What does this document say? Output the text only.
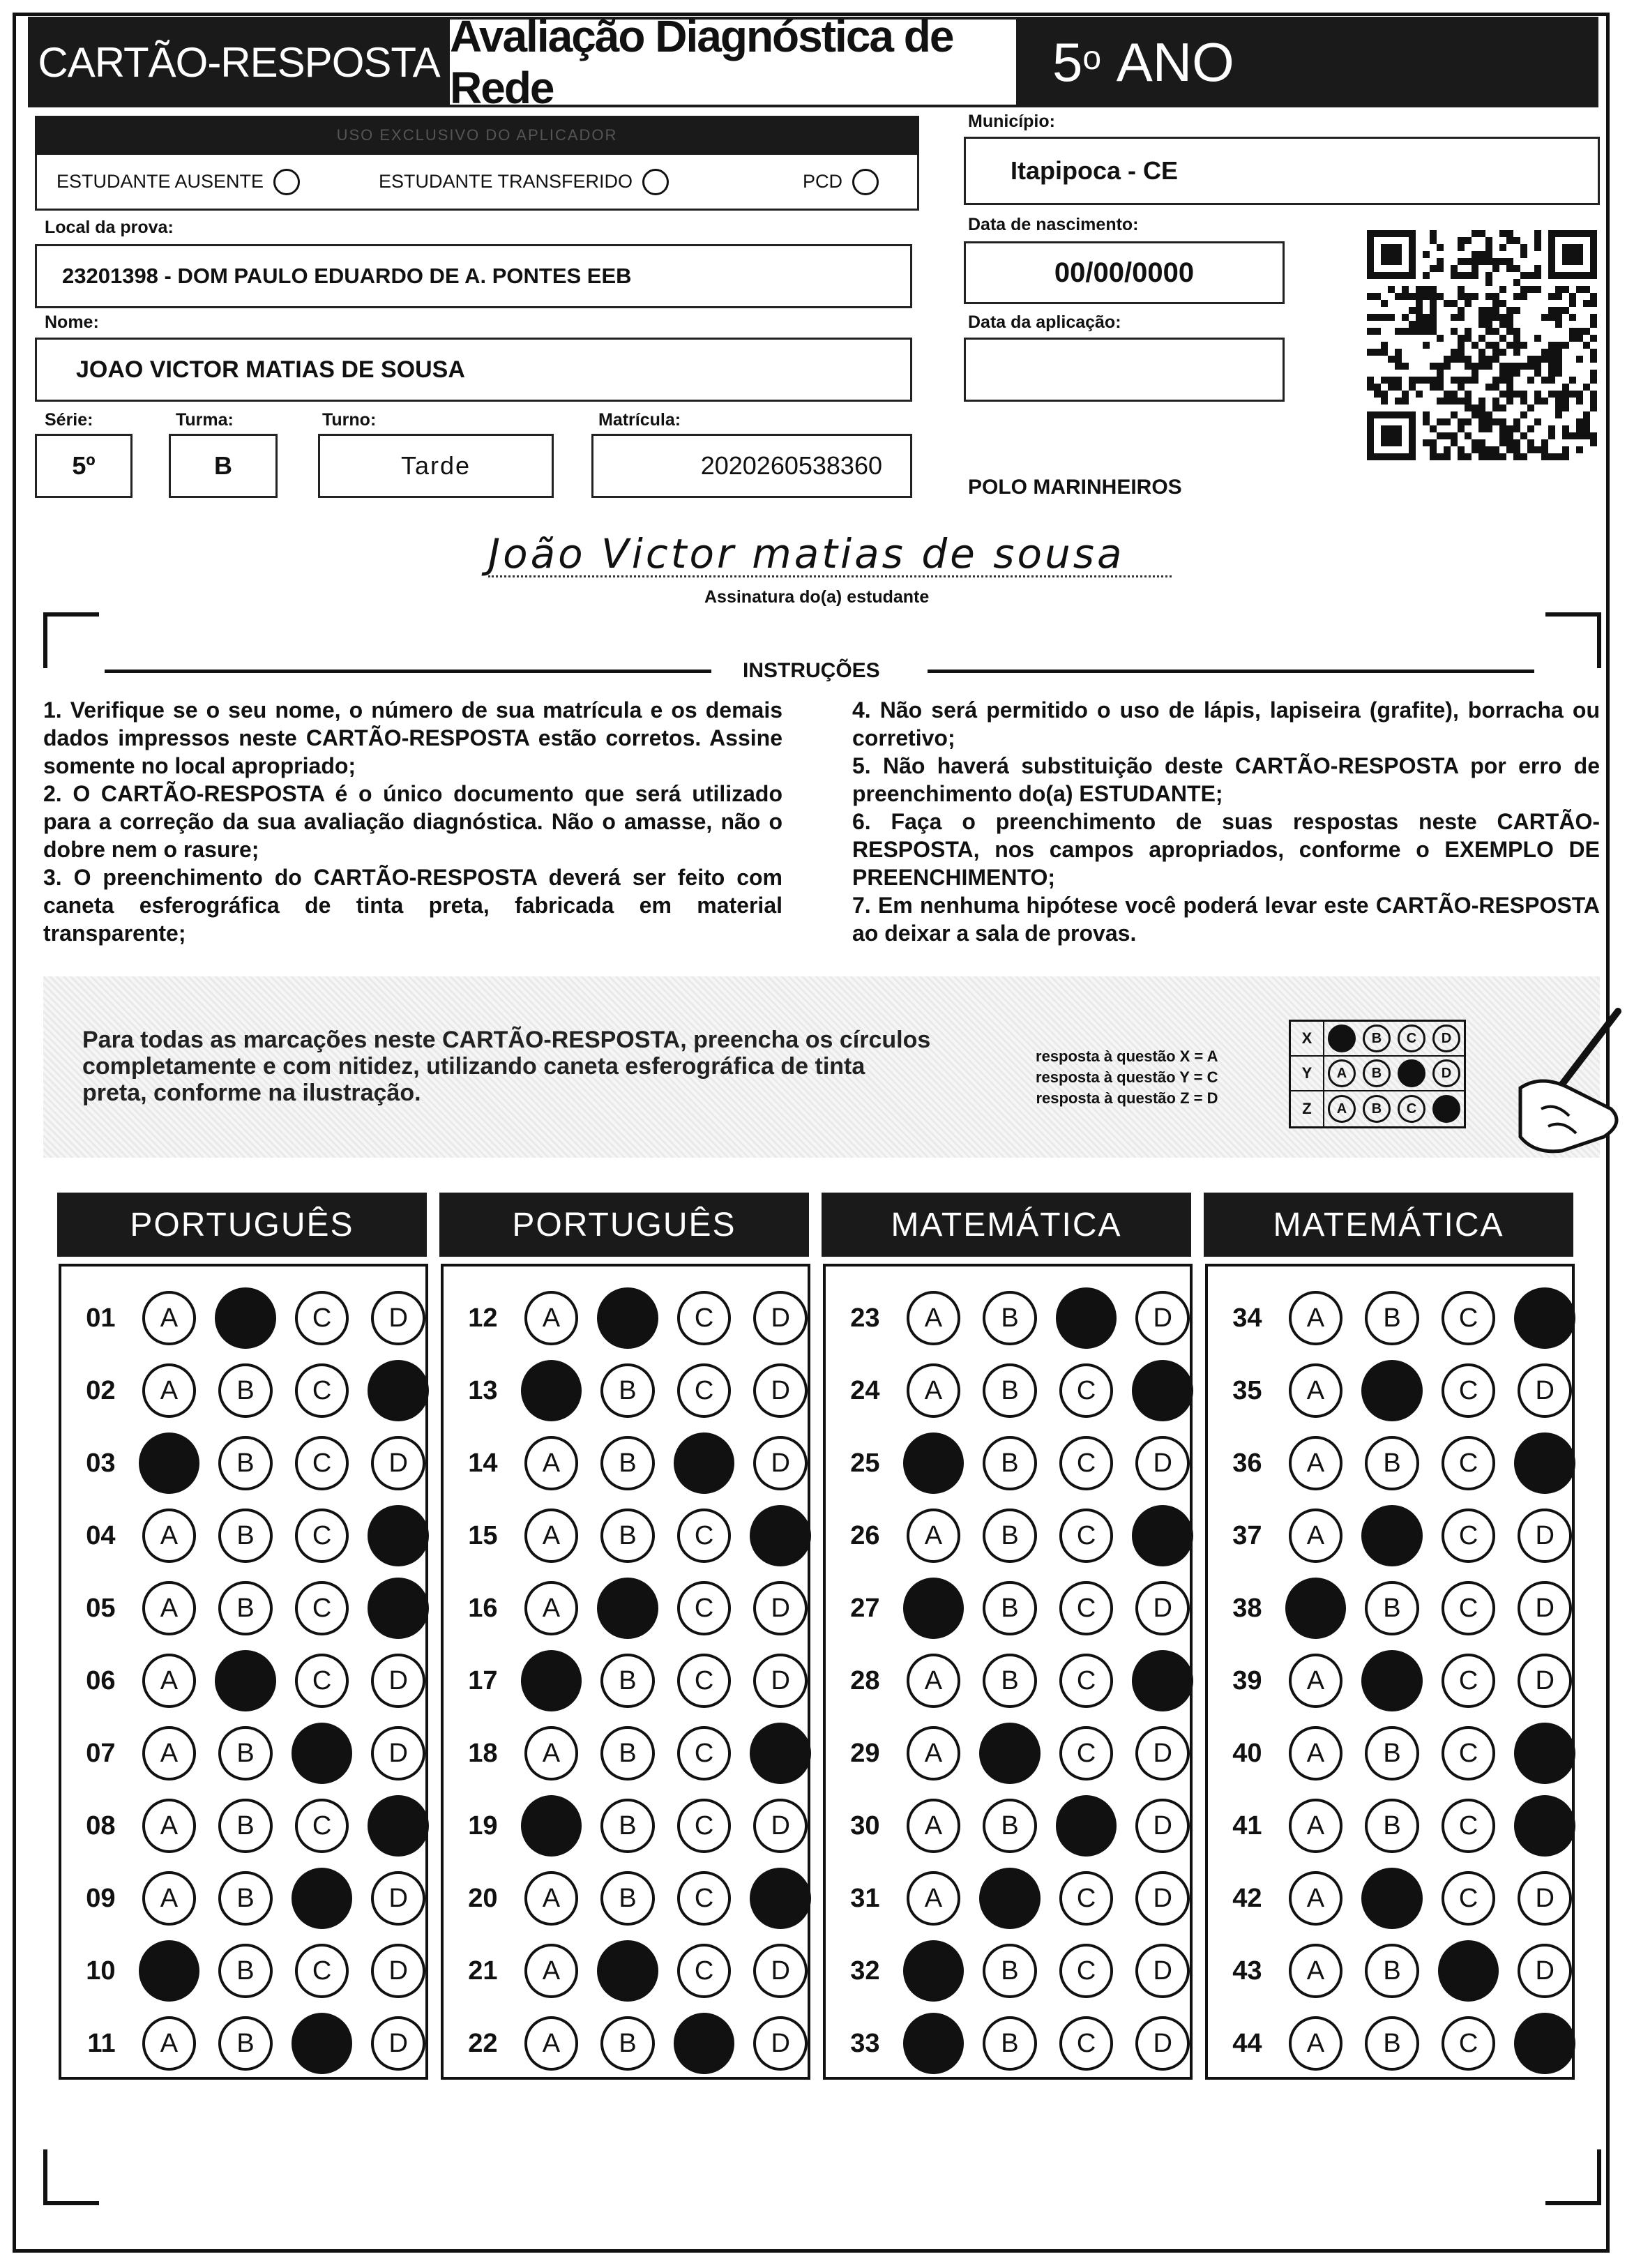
CARTÃO-RESPOSTA
Avaliação Diagnóstica de Rede	5$^o$
ANO
USO EXCLUSIVO DO APLICADOR
ESTUDANTE AUSENTE	ESTUDANTE TRANSFERIDO	PCD
Local da prova:
23201398 - DOM PAULO EDUARDO DE A. PONTES EEB
Nome:
JOAO VICTOR MATIAS DE SOUSA
Série:
5º
Turma:
B
Turno:
Tarde
Matrícula:
2020260538360
Município:
Itapipoca - CE
Data de nascimento:
00/00/0000
Data da aplicação:
POLO MARINHEIROS
João Victor matias de sousa
Assinatura do(a) estudante
INSTRUÇÕES

1. Verifique se o seu nome, o número de sua matrícula e os demais dados impressos neste CARTÃO-RESPOSTA estão corretos. Assine somente no local apropriado;

2. O CARTÃO-RESPOSTA é o único documento que será utilizado para a correção da sua avaliação diagnóstica. Não o amasse, não o dobre nem o rasure;

3. O preenchimento do CARTÃO-RESPOSTA deverá ser feito com caneta esferográfica de tinta preta, fabricada em material transparente;

4. Não será permitido o uso de lápis, lapiseira (grafite), borracha ou corretivo;

5. Não haverá substituição deste CARTÃO-RESPOSTA por erro de preenchimento do(a) ESTUDANTE;

6. Faça o preenchimento de suas respostas neste CARTÃO-RESPOSTA, nos campos apropriados, conforme o EXEMPLO DE PREENCHIMENTO;

7. Em nenhuma hipótese você poderá levar este CARTÃO-RESPOSTA ao deixar a sala de provas.

Para todas as marcações neste CARTÃO-RESPOSTA, preencha os círculos completamente e com nitidez, utilizando caneta esferográfica de tinta preta, conforme na ilustração.
resposta à questão X = A
resposta à questão Y = C
resposta à questão Z = D
X	A	B	C	D
Y	A	B	C	D
Z	A	B	C	D
PORTUGUÊS
01	A	B	C	D
02	A	B	C	D
03	A	B	C	D
04	A	B	C	D
05	A	B	C	D
06	A	B	C	D
07	A	B	C	D
08	A	B	C	D
09	A	B	C	D
10	A	B	C	D
11	A	B	C	D
PORTUGUÊS
12	A	B	C	D
13	A	B	C	D
14	A	B	C	D
15	A	B	C	D
16	A	B	C	D
17	A	B	C	D
18	A	B	C	D
19	A	B	C	D
20	A	B	C	D
21	A	B	C	D
22	A	B	C	D
MATEMÁTICA
23	A	B	C	D
24	A	B	C	D
25	A	B	C	D
26	A	B	C	D
27	A	B	C	D
28	A	B	C	D
29	A	B	C	D
30	A	B	C	D
31	A	B	C	D
32	A	B	C	D
33	A	B	C	D
MATEMÁTICA
34	A	B	C	D
35	A	B	C	D
36	A	B	C	D
37	A	B	C	D
38	A	B	C	D
39	A	B	C	D
40	A	B	C	D
41	A	B	C	D
42	A	B	C	D
43	A	B	C	D
44	A	B	C	D
